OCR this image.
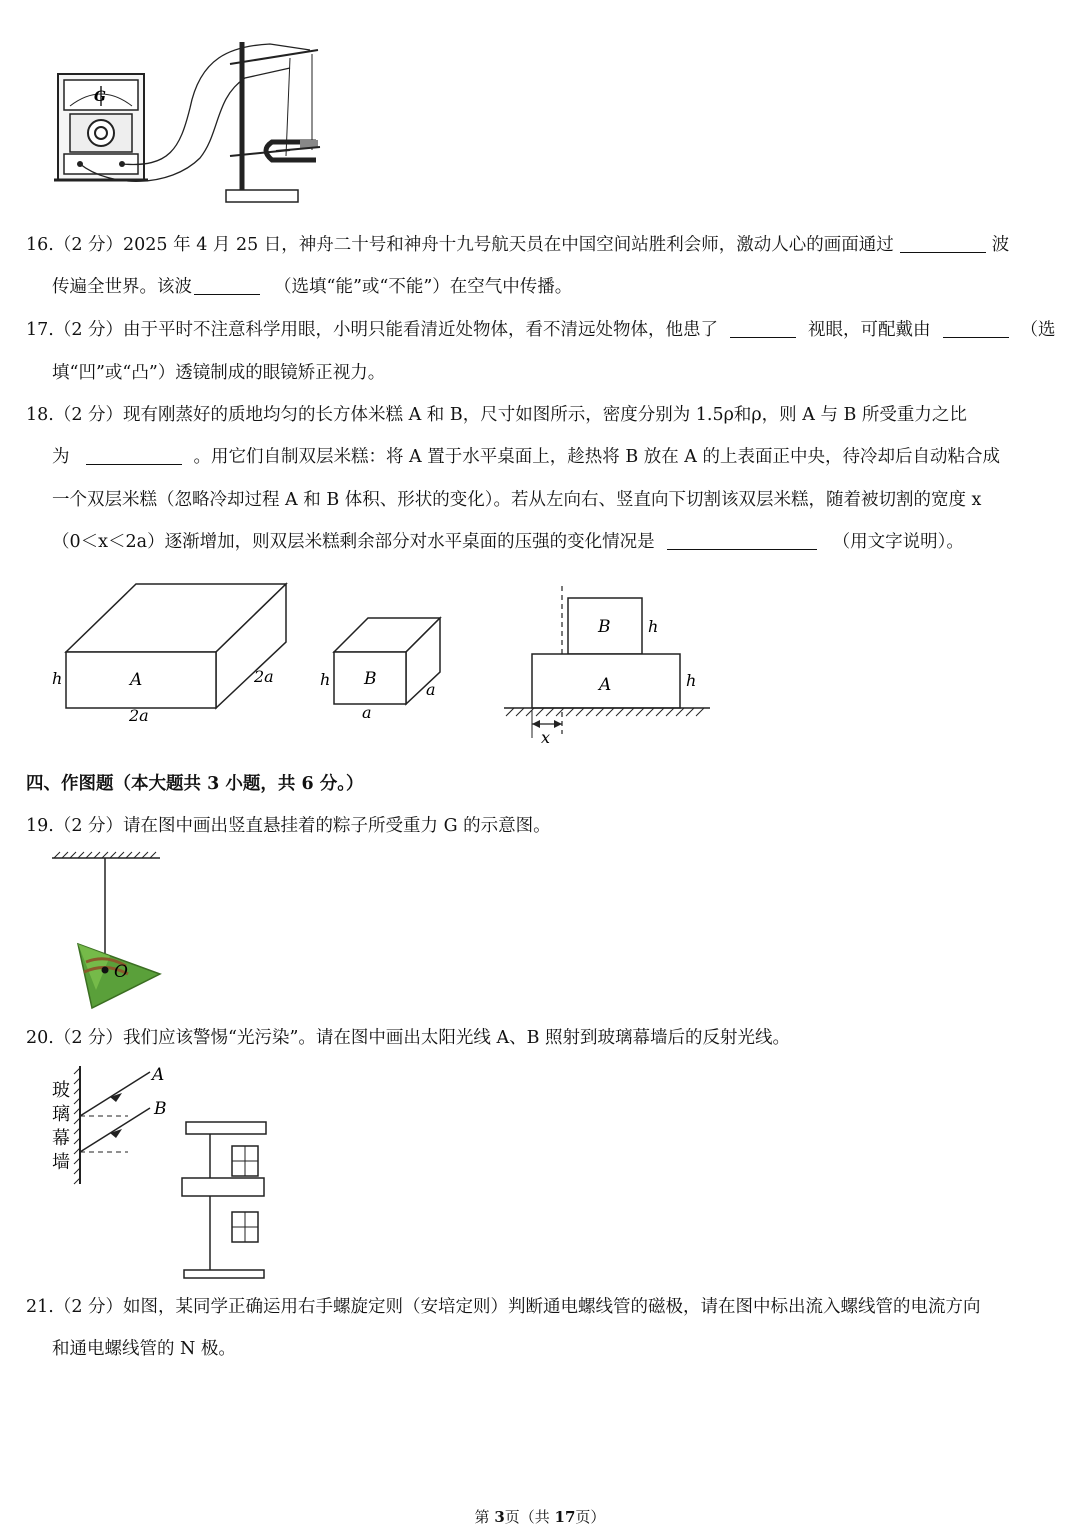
G
16.（2 分）2025 年 4 月 25 日，神舟二十号和神舟十九号航天员在中国空间站胜利会师，激动人心的画面通过	波
传遍全世界。该波	（选填“能”或“不能”）在空气中传播。
17.（2 分）由于平时不注意科学用眼，小明只能看清近处物体，看不清远处物体，他患了	视眼，可配戴由	（选
填“凹”或“凸”）透镜制成的眼镜矫正视力。
18.（2 分）现有刚蒸好的质地均匀的长方体米糕 A 和 B，尺寸如图所示，密度分别为 1.5ρ和ρ，则 A 与 B 所受重力之比
为	。用它们自制双层米糕：将 A 置于水平桌面上，趁热将 B 放在 A 的上表面正中央，待冷却后自动粘合成
一个双层米糕（忽略冷却过程 A 和 B 体积、形状的变化）。若从左向右、竖直向下切割该双层米糕，随着被切割的宽度 x
（0＜x＜2a）逐渐增加，则双层米糕剩余部分对水平桌面的压强的变化情况是	（用文字说明）。
A
h	2a
2a
B
h
a
a
B h
A	h
x
四、作图题（本大题共 3 小题，共 6 分。）
19.（2 分）请在图中画出竖直悬挂着的粽子所受重力 G 的示意图。
O
20.（2 分）我们应该警惕“光污染”。请在图中画出太阳光线 A、B 照射到玻璃幕墙后的反射光线。
玻
璃
幕
墙
A
B
21.（2 分）如图，某同学正确运用右手螺旋定则（安培定则）判断通电螺线管的磁极，请在图中标出流入螺线管的电流方向
和通电螺线管的 N 极。
第 3页（共 17页）
